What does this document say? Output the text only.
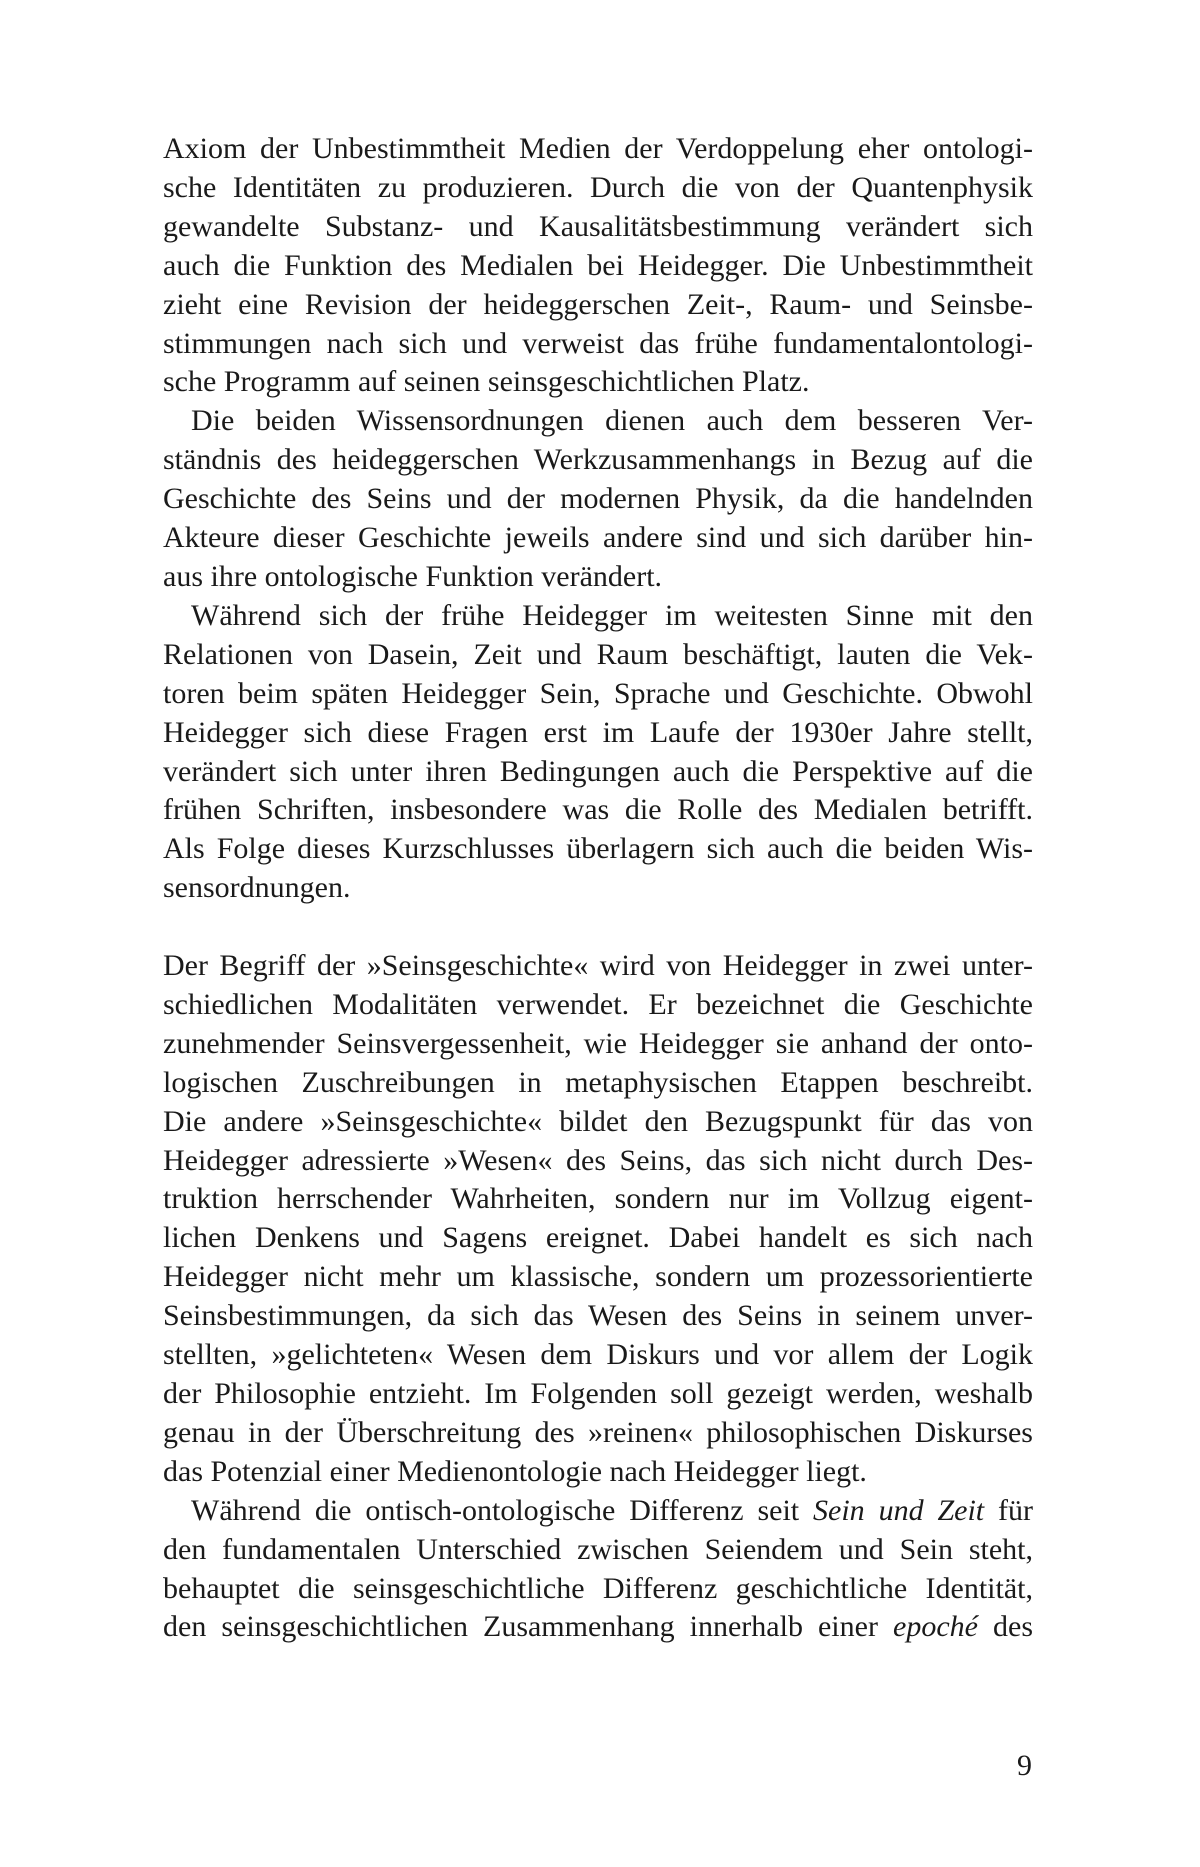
Axiom der Unbestimmtheit Medien der Verdoppelung eher ontologi-
sche Identitäten zu produzieren. Durch die von der Quantenphysik
gewandelte Substanz- und Kausalitätsbestimmung verändert sich
auch die Funktion des Medialen bei Heidegger. Die Unbestimmtheit
zieht eine Revision der heideggerschen Zeit-, Raum- und Seinsbe-
stimmungen nach sich und verweist das frühe fundamentalontologi-
sche Programm auf seinen seinsgeschichtlichen Platz.
Die beiden Wissensordnungen dienen auch dem besseren Ver-
ständnis des heideggerschen Werkzusammenhangs in Bezug auf die
Geschichte des Seins und der modernen Physik, da die handelnden
Akteure dieser Geschichte jeweils andere sind und sich darüber hin-
aus ihre ontologische Funktion verändert.
Während sich der frühe Heidegger im weitesten Sinne mit den
Relationen von Dasein, Zeit und Raum beschäftigt, lauten die Vek-
toren beim späten Heidegger Sein, Sprache und Geschichte. Obwohl
Heidegger sich diese Fragen erst im Laufe der 1930er Jahre stellt,
verändert sich unter ihren Bedingungen auch die Perspektive auf die
frühen Schriften, insbesondere was die Rolle des Medialen betrifft.
Als Folge dieses Kurzschlusses überlagern sich auch die beiden Wis-
sensordnungen.
Der Begriff der »Seinsgeschichte« wird von Heidegger in zwei unter-
schiedlichen Modalitäten verwendet. Er bezeichnet die Geschichte
zunehmender Seinsvergessenheit, wie Heidegger sie anhand der onto-
logischen Zuschreibungen in metaphysischen Etappen beschreibt.
Die andere »Seinsgeschichte« bildet den Bezugspunkt für das von
Heidegger adressierte »Wesen« des Seins, das sich nicht durch Des-
truktion herrschender Wahrheiten, sondern nur im Vollzug eigent-
lichen Denkens und Sagens ereignet. Dabei handelt es sich nach
Heidegger nicht mehr um klassische, sondern um prozessorientierte
Seinsbestimmungen, da sich das Wesen des Seins in seinem unver-
stellten, »gelichteten« Wesen dem Diskurs und vor allem der Logik
der Philosophie entzieht. Im Folgenden soll gezeigt werden, weshalb
genau in der Überschreitung des »reinen« philosophischen Diskurses
das Potenzial einer Medienontologie nach Heidegger liegt.
Während die ontisch-ontologische Differenz seit Sein und Zeit für
den fundamentalen Unterschied zwischen Seiendem und Sein steht,
behauptet die seinsgeschichtliche Differenz geschichtliche Identität,
den seinsgeschichtlichen Zusammenhang innerhalb einer epoché des
9
